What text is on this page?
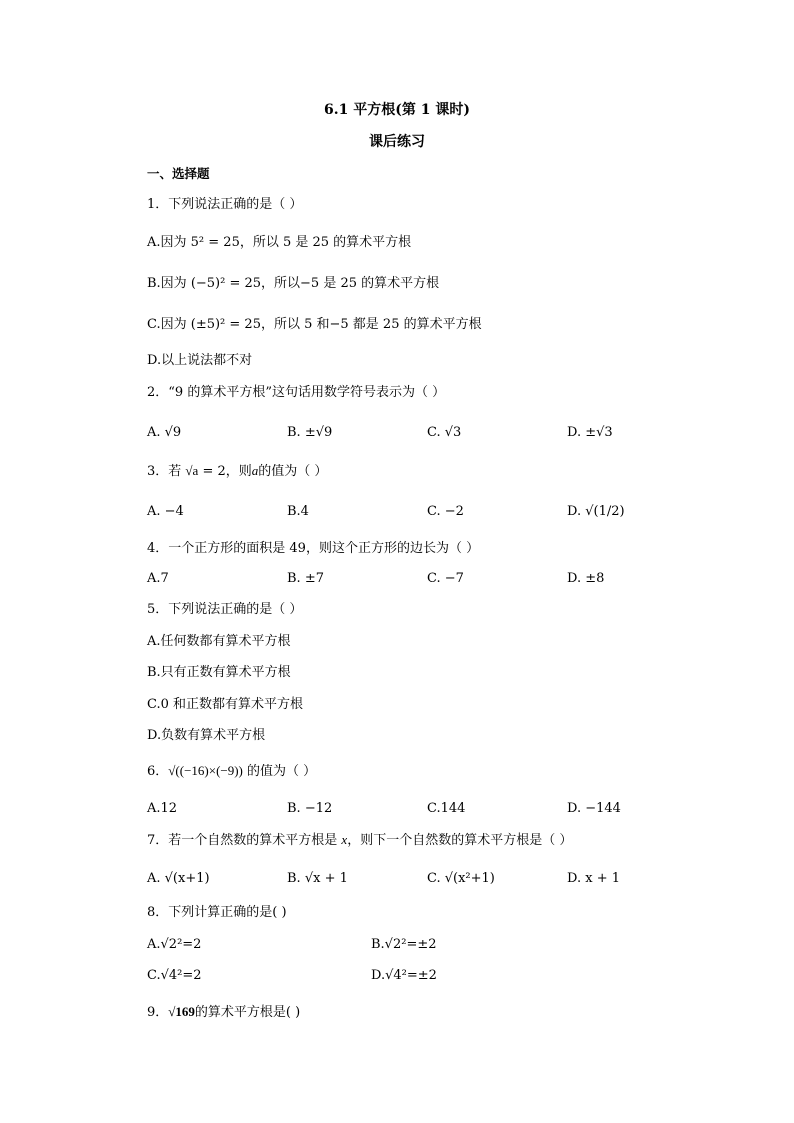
6.1 平方根(第 1 课时)
课后练习
一、选择题
1．下列说法正确的是（ ）
A.因为 5² = 25，所以 5 是 25 的算术平方根
B.因为 (−5)² = 25，所以−5 是 25 的算术平方根
C.因为 (±5)² = 25，所以 5 和−5 都是 25 的算术平方根
D.以上说法都不对
2．“9 的算术平方根”这句话用数学符号表示为（ ）
A. √9	B. ±√9	C. √3	D. ±√3
3．若 √a = 2，则a的值为（ ）
A. −4	B.4	C. −2	D. √(1/2)
4．一个正方形的面积是 49，则这个正方形的边长为（ ）
A.7	B. ±7	C. −7	D. ±8
5．下列说法正确的是（ ）
A.任何数都有算术平方根
B.只有正数有算术平方根
C.0 和正数都有算术平方根
D.负数有算术平方根
6．√((−16)×(−9)) 的值为（ ）
A.12	B. −12	C.144	D. −144
7．若一个自然数的算术平方根是 x，则下一个自然数的算术平方根是（ ）
A. √(x+1)	B. √x + 1	C. √(x²+1)	D. x + 1
8．下列计算正确的是( )
A.√2²=2	B.√2²=±2
C.√4²=2	D.√4²=±2
9．√169的算术平方根是( )
